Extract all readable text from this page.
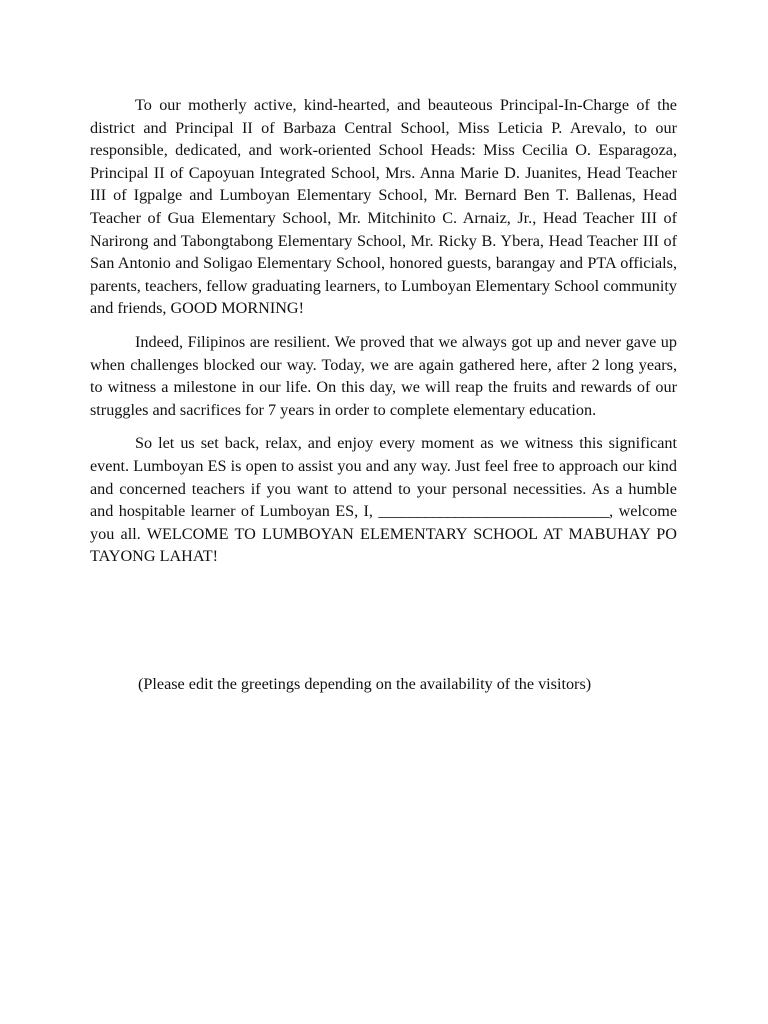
To our motherly active, kind-hearted, and beauteous Principal-In-Charge of the district and Principal II of Barbaza Central School, Miss Leticia P. Arevalo, to our responsible, dedicated, and work-oriented School Heads: Miss Cecilia O. Esparagoza, Principal II of Capoyuan Integrated School, Mrs. Anna Marie D. Juanites, Head Teacher III of Igpalge and Lumboyan Elementary School, Mr. Bernard Ben T. Ballenas, Head Teacher of Gua Elementary School, Mr. Mitchinito C. Arnaiz, Jr., Head Teacher III of Narirong and Tabongtabong Elementary School, Mr. Ricky B. Ybera, Head Teacher III of San Antonio and Soligao Elementary School, honored guests, barangay and PTA officials, parents, teachers, fellow graduating learners, to Lumboyan Elementary School community and friends, GOOD MORNING!

Indeed, Filipinos are resilient. We proved that we always got up and never gave up when challenges blocked our way. Today, we are again gathered here, after 2 long years, to witness a milestone in our life. On this day, we will reap the fruits and rewards of our struggles and sacrifices for 7 years in order to complete elementary education.

So let us set back, relax, and enjoy every moment as we witness this significant event. Lumboyan ES is open to assist you and any way. Just feel free to approach our kind and concerned teachers if you want to attend to your personal necessities. As a humble and hospitable learner of Lumboyan ES, I, ______________________________, welcome you all. WELCOME TO LUMBOYAN ELEMENTARY SCHOOL AT MABUHAY PO TAYONG LAHAT!

(Please edit the greetings depending on the availability of the visitors)
